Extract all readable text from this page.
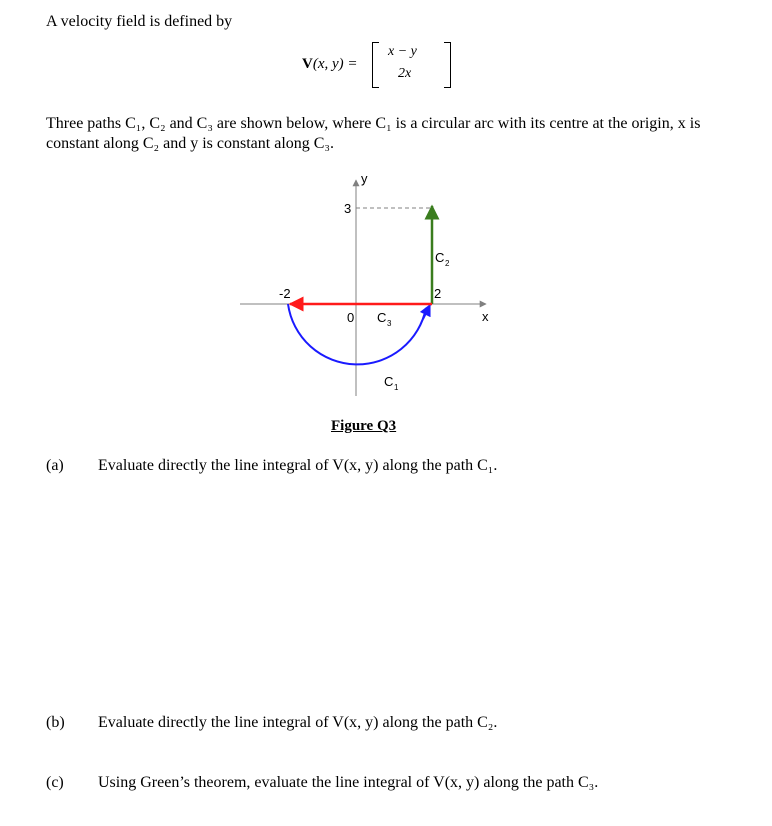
A velocity field is defined by
V(x, y) =
x − y
2x
Three paths C₁, C₂ and C₃ are shown below, where C₁ is a circular arc with its centre at the origin, x is constant along C₂ and y is constant along C₃.
y
x
3
-2	2
0 C 3
C 2
C 1
Figure Q3
(a) Evaluate directly the line integral of V(x, y) along the path C₁.
(b) Evaluate directly the line integral of V(x, y) along the path C₂.
(c) Using Green’s theorem, evaluate the line integral of V(x, y) along the path C₃.
